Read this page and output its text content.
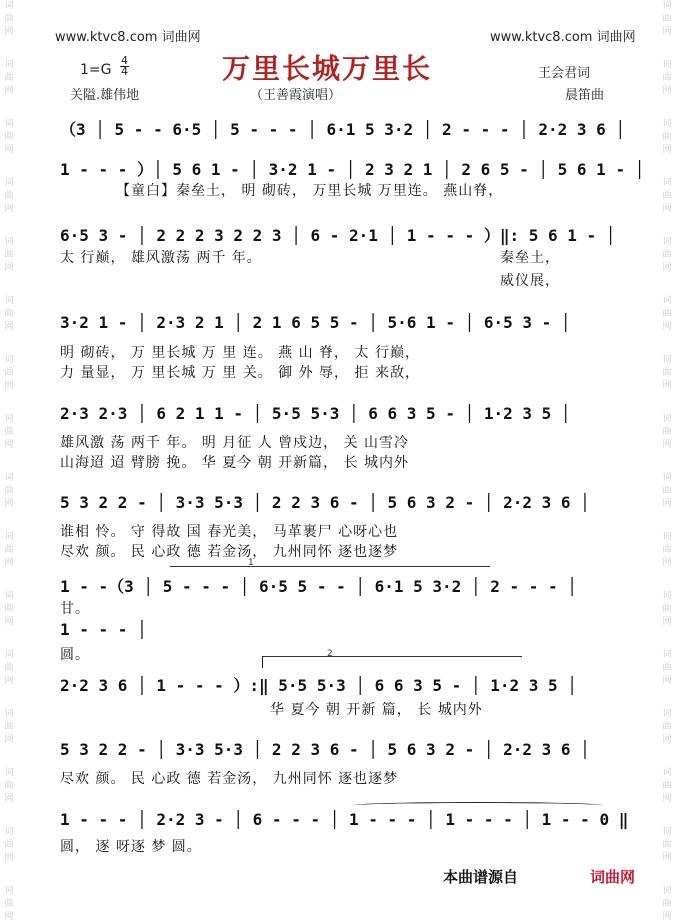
词
曲
网
词
曲
网
词
曲
网
词
曲
网
词
曲
网
词
曲
网
词
曲
网
词
曲
网
词
曲
网
词
曲
网
词
曲
网
词
曲
网
词
曲
网
词
曲
网
词
曲
网
词
曲
网
词
曲
网
词
曲
网
词
曲
网
词
曲
网
词
曲
网
词
曲
网
词
曲
网
词
曲
网
词
曲
网
词
曲
网
词
曲
网
词
曲
网
词
曲
网
词
曲
网
词
曲
网
词
曲
网
www.ktvc8.com 词曲网	www.ktvc8.com 词曲网
1=G
4
4
关隘.雄伟地
万里长城万里长
（王善霞演唱）
王会君词
晨笛曲
（3 │ 5 - - 6·5 │ 5 - - - │ 6·1 5 3·2 │ 2 - - - │ 2·2 3 6 │
1 - - - ）│ 5 6 1 - │ 3·2 1 - │ 2 3 2 1 │ 2 6 5 - │ 5 6 1 - │
【童白】秦垒土， 明 砌砖， 万里长城 万里连。 燕山脊，
6·5 3 - │ 2 2 2 3 2 2 3 │ 6 - 2·1 │ 1 - - - ）‖: 5 6 1 - │
太 行巅， 雄风激荡 两千 年。	秦垒土，
威仪展，
3·2 1 - │ 2·3 2 1 │ 2 1 6 5 5 - │ 5·6 1 - │ 6·5 3 - │
明 砌砖， 万 里长城 万 里 连。 燕 山 脊， 太 行巅，
力 量显， 万 里长城 万 里 关。 御 外 辱， 拒 来敌，
2·3 2·3 │ 6 2 1 1 - │ 5·5 5·3 │ 6 6 3 5 - │ 1·2 3 5 │
雄风激 荡 两千 年。 明 月征 人 曾戍边， 关 山雪冷
山海迢 迢 臂膀 挽。 华 夏今 朝 开新篇， 长 城内外
5 3 2 2 - │ 3·3 5·3 │ 2 2 3 6 - │ 5 6 3 2 - │ 2·2 3 6 │
谁相 怜。 守 得故 国 春光美， 马革裹尸 心呀心也
尽欢 颜。 民 心政 德 若金汤， 九州同怀 逐也逐梦
1
1 - -（3 │ 5 - - - │ 6·5 5 - - │ 6·1 5 3·2 │ 2 - - - │
甘。
1 - - - │
圆。	2
2·2 3 6 │ 1 - - - ）:‖ 5·5 5·3 │ 6 6 3 5 - │ 1·2 3 5 │
华 夏今 朝 开新 篇， 长 城内外
5 3 2 2 - │ 3·3 5·3 │ 2 2 3 6 - │ 5 6 3 2 - │ 2·2 3 6 │
尽欢 颜。 民 心政 德 若金汤， 九州同怀 逐也逐梦
1 - - - │ 2·2 3 - │ 6 - - - │ 1 - - - │ 1 - - - │ 1 - - 0 ‖
圆， 逐 呀逐 梦 圆。
本曲谱源自	词曲网
